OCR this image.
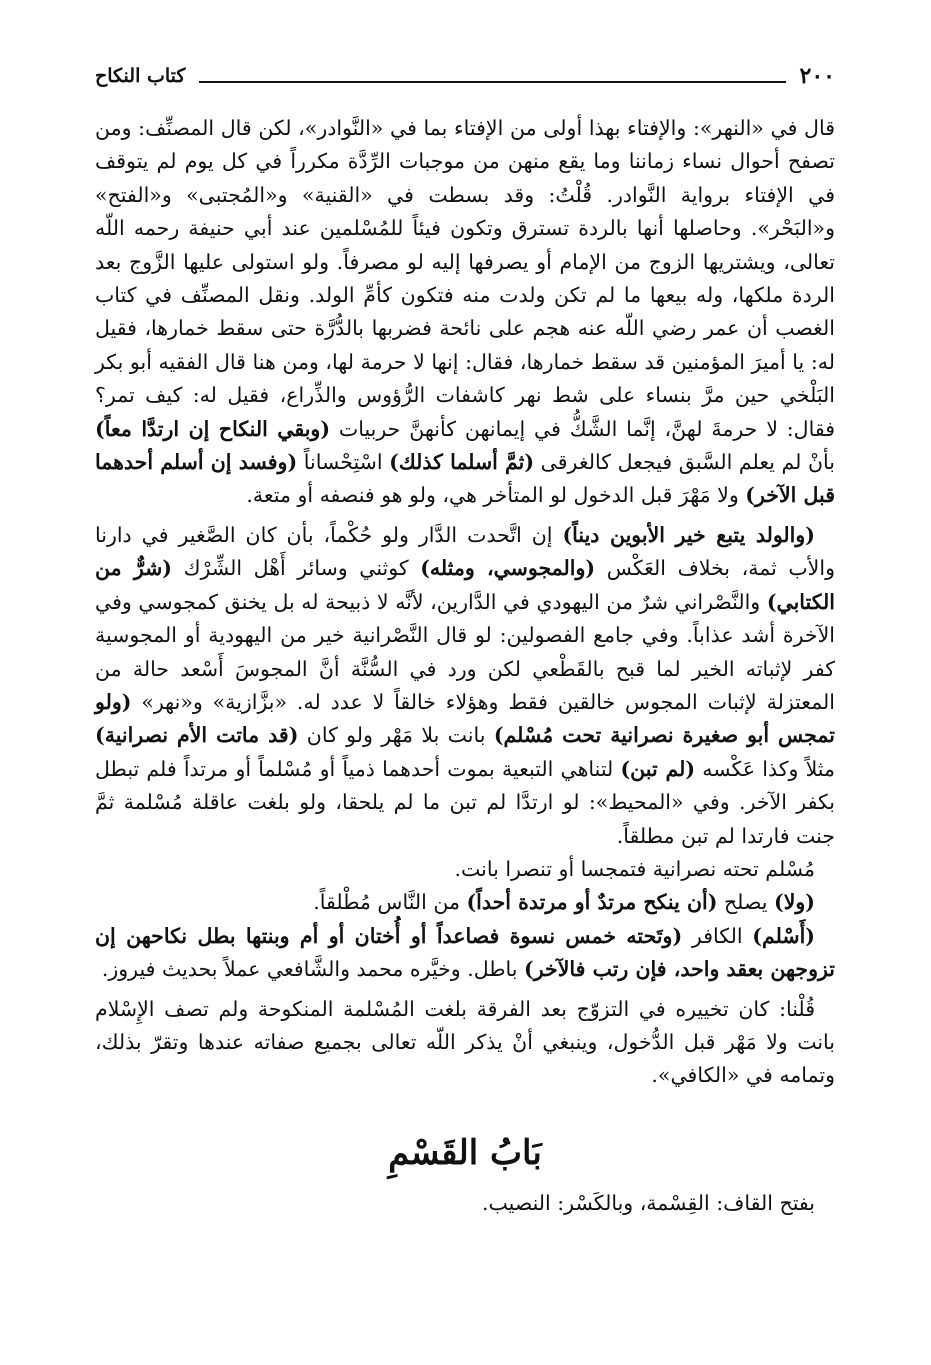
٢٠٠
كتاب النكاح

قال في «النهر»: والإفتاء بهذا أولى من الإفتاء بما في «النَّوادر»، لكن قال المصنِّف: ومن تصفح أحوال نساء زماننا وما يقع منهن من موجبات الرِّدَّة مكرراً في كل يوم لم يتوقف في الإفتاء برواية النَّوادر. قُلْتُ: وقد بسطت في «القنية» و«المُجتبى» و«الفتح» و«البَحْر». وحاصلها أنها بالردة تسترق وتكون فيئاً للمُسْلمين عند أبي حنيفة رحمه اللّه تعالى، ويشتريها الزوج من الإمام أو يصرفها إليه لو مصرفاً. ولو استولى عليها الزَّوج بعد الردة ملكها، وله بيعها ما لم تكن ولدت منه فتكون كأمِّ الولد. ونقل المصنِّف في كتاب الغصب أن عمر رضي اللّه عنه هجم على نائحة فضربها بالدُّرَّة حتى سقط خمارها، فقيل له: يا أميرَ المؤمنين قد سقط خمارها، فقال: إنها لا حرمة لها، ومن هنا قال الفقيه أبو بكر البَلْخي حين مرَّ بنساء على شط نهر كاشفات الرُّؤوس والذِّراع، فقيل له: كيف تمر؟ فقال: لا حرمةَ لهنَّ، إنَّما الشَّكُّ في إيمانهن كأنهنَّ حربيات (وبقي النكاح إن ارتدَّا معاً) بأنْ لم يعلم السَّبق فيجعل كالغرقى (ثمَّ أسلما كذلك) اسْتِحْساناً (وفسد إن أسلم أحدهما قبل الآخر) ولا مَهْرَ قبل الدخول لو المتأخر هي، ولو هو فنصفه أو متعة.

(والولد يتبع خير الأبوين ديناً) إن اتَّحدت الدَّار ولو حُكْماً، بأن كان الصَّغير في دارنا والأب ثمة، بخلاف العَكْس (والمجوسي، ومثله) كوثني وسائر أَهْل الشِّرْك (شرٌّ من الكتابي) والنَّصْراني شرٌ من اليهودي في الدَّارين، لأنَّه لا ذبيحة له بل يخنق كمجوسي وفي الآخرة أشد عذاباً. وفي جامع الفصولين: لو قال النَّصْرانية خير من اليهودية أو المجوسية كفر لإثباته الخير لما قبح بالقَطْعي لكن ورد في السُّنَّة أنَّ المجوسَ أَسْعد حالة من المعتزلة لإثبات المجوس خالقين فقط وهؤلاء خالقاً لا عدد له. «بزَّازية» و«نهر» (ولو تمجس أبو صغيرة نصرانية تحت مُسْلم) بانت بلا مَهْر ولو كان (قد ماتت الأم نصرانية) مثلاً وكذا عَكْسه (لم تبن) لتناهي التبعية بموت أحدهما ذمياً أو مُسْلماً أو مرتداً فلم تبطل بكفر الآخر. وفي «المحيط»: لو ارتدَّا لم تبن ما لم يلحقا، ولو بلغت عاقلة مُسْلمة ثمَّ جنت فارتدا لم تبن مطلقاً.

مُسْلم تحته نصرانية فتمجسا أو تنصرا بانت.

(ولا) يصلح (أن ينكح مرتدٌ أو مرتدة أحداً) من النَّاس مُطْلقاً.

(أَسْلم) الكافر (وتَحته خمس نسوة فصاعداً أو أُختان أو أم وبنتها بطل نكاحهن إن تزوجهن بعقد واحد، فإن رتب فالآخر) باطل. وخيَّره محمد والشَّافعي عملاً بحديث فيروز.

قُلْنا: كان تخييره في التزوّج بعد الفرقة بلغت المُسْلمة المنكوحة ولم تصف الإِسْلام بانت ولا مَهْر قبل الدُّخول، وينبغي أنْ يذكر اللّه تعالى بجميع صفاته عندها وتقرّ بذلك، وتمامه في «الكافي».

بَابُ القَسْمِ
بفتح القاف: القِسْمة، وبالكَسْر: النصيب.
